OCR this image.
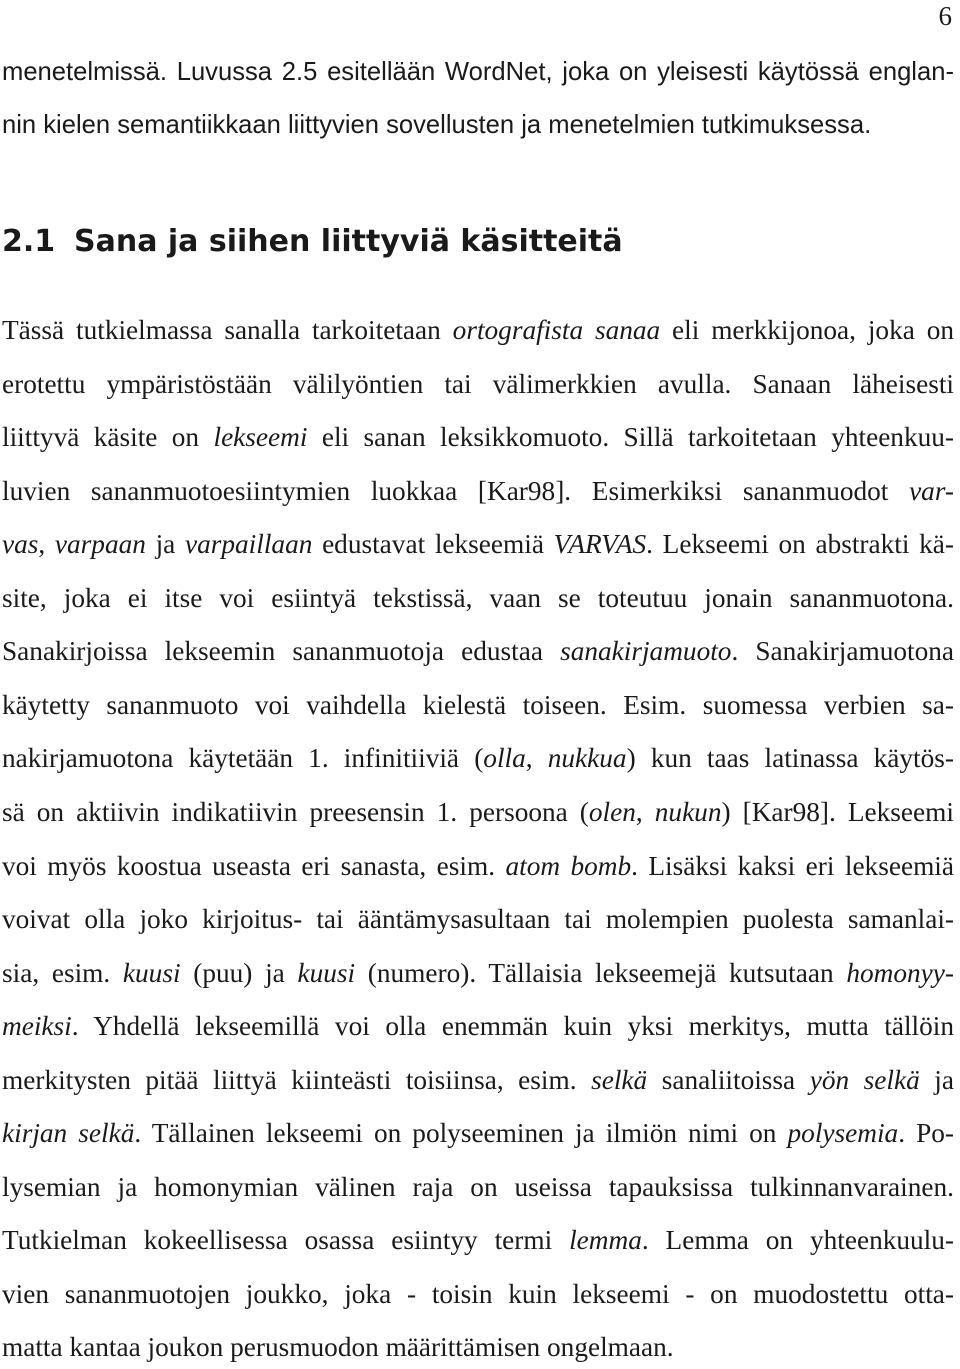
6
menetelmissä. Luvussa 2.5 esitellään WordNet, joka on yleisesti käytössä englan-
nin kielen semantiikkaan liittyvien sovellusten ja menetelmien tutkimuksessa.
2.1 Sana ja siihen liittyviä käsitteitä
Tässä tutkielmassa sanalla tarkoitetaan ortografista sanaa eli merkkijonoa, joka on
erotettu ympäristöstään välilyöntien tai välimerkkien avulla. Sanaan läheisesti
liittyvä käsite on lekseemi eli sanan leksikkomuoto. Sillä tarkoitetaan yhteenkuu-
luvien sananmuotoesiintymien luokkaa [Kar98]. Esimerkiksi sananmuodot var-
vas, varpaan ja varpaillaan edustavat lekseemiä VARVAS. Lekseemi on abstrakti kä-
site, joka ei itse voi esiintyä tekstissä, vaan se toteutuu jonain sananmuotona.
Sanakirjoissa lekseemin sananmuotoja edustaa sanakirjamuoto. Sanakirjamuotona
käytetty sananmuoto voi vaihdella kielestä toiseen. Esim. suomessa verbien sa-
nakirjamuotona käytetään 1. infinitiiviä (olla, nukkua) kun taas latinassa käytös-
sä on aktiivin indikatiivin preesensin 1. persoona (olen, nukun) [Kar98]. Lekseemi
voi myös koostua useasta eri sanasta, esim. atom bomb. Lisäksi kaksi eri lekseemiä
voivat olla joko kirjoitus- tai ääntämysasultaan tai molempien puolesta samanlai-
sia, esim. kuusi (puu) ja kuusi (numero). Tällaisia lekseemejä kutsutaan homonyy-
meiksi. Yhdellä lekseemillä voi olla enemmän kuin yksi merkitys, mutta tällöin
merkitysten pitää liittyä kiinteästi toisiinsa, esim. selkä sanaliitoissa yön selkä ja
kirjan selkä. Tällainen lekseemi on polyseeminen ja ilmiön nimi on polysemia. Po-
lysemian ja homonymian välinen raja on useissa tapauksissa tulkinnanvarainen.
Tutkielman kokeellisessa osassa esiintyy termi lemma. Lemma on yhteenkuulu-
vien sananmuotojen joukko, joka - toisin kuin lekseemi - on muodostettu otta-
matta kantaa joukon perusmuodon määrittämisen ongelmaan.
